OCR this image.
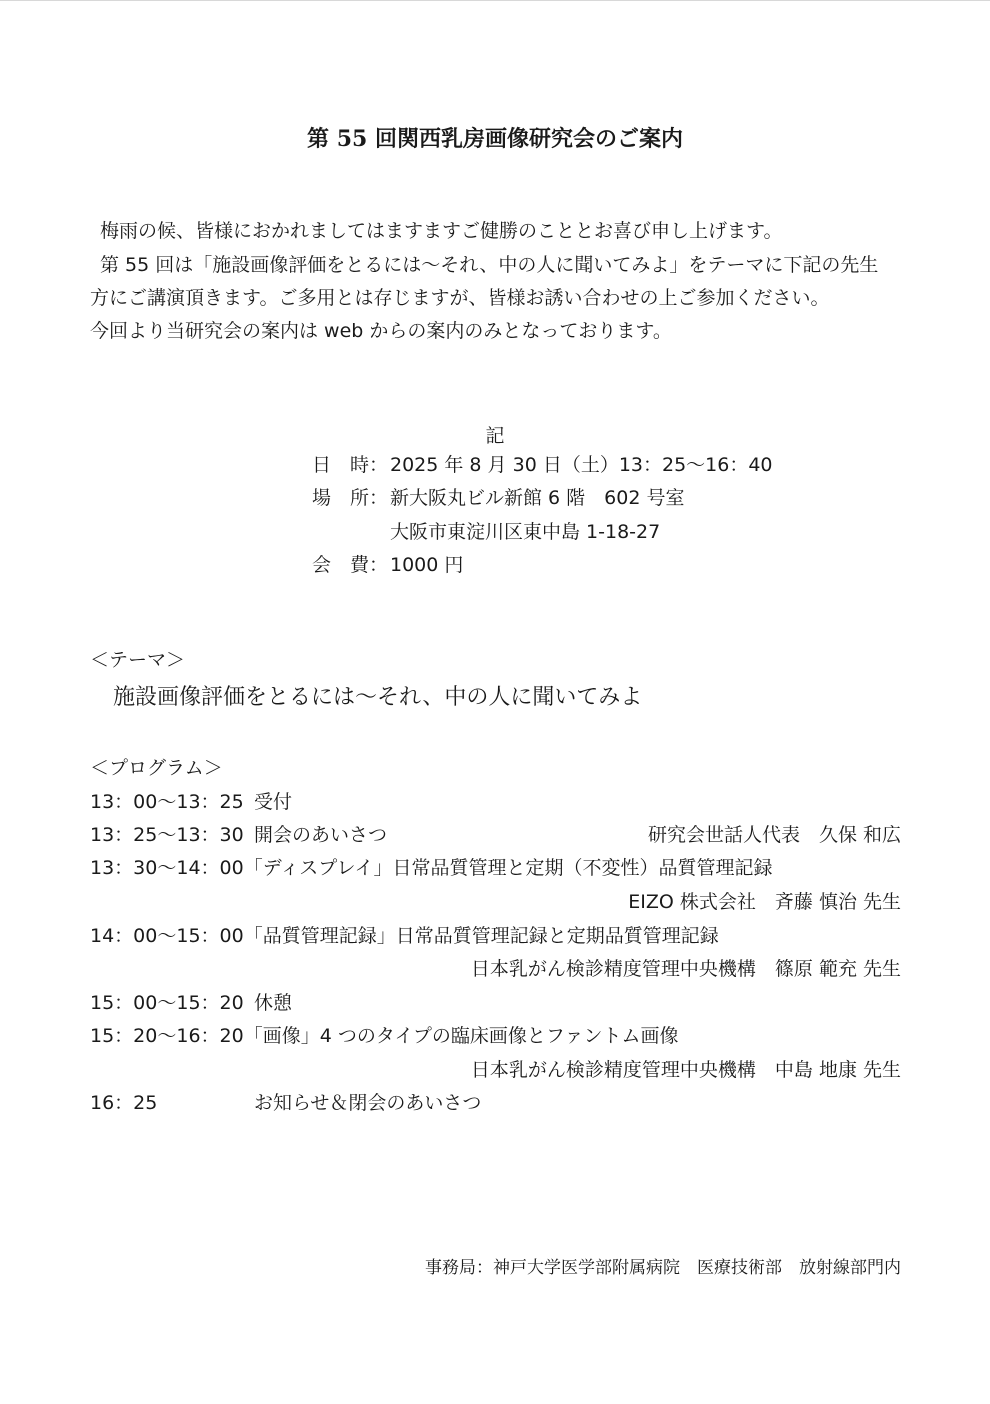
第 55 回関西乳房画像研究会のご案内
梅雨の候、皆様におかれましてはますますご健勝のこととお喜び申し上げます。
第 55 回は「施設画像評価をとるには～それ、中の人に聞いてみよ」をテーマに下記の先生
方にご講演頂きます。ご多用とは存じますが、皆様お誘い合わせの上ご参加ください。
今回より当研究会の案内は web からの案内のみとなっております。
記
日　時： 2025 年 8 月 30 日（土）13：25～16：40
場　所： 新大阪丸ビル新館 6 階　602 号室
大阪市東淀川区東中島 1-18-27
会　費： 1000 円
＜テーマ＞
施設画像評価をとるには～それ、中の人に聞いてみよ
＜プログラム＞
13：00～13：25 受付
13：25～13：30 開会のあいさつ	研究会世話人代表　久保 和広
13：30～14：00「ディスプレイ」日常品質管理と定期（不変性）品質管理記録
EIZO 株式会社　斉藤 慎治 先生
14：00～15：00「品質管理記録」日常品質管理記録と定期品質管理記録
日本乳がん検診精度管理中央機構　篠原 範充 先生
15：00～15：20 休憩
15：20～16：20「画像」4 つのタイプの臨床画像とファントム画像
日本乳がん検診精度管理中央機構　中島 地康 先生
16：25	お知らせ＆閉会のあいさつ
事務局：神戸大学医学部附属病院　医療技術部　放射線部門内
